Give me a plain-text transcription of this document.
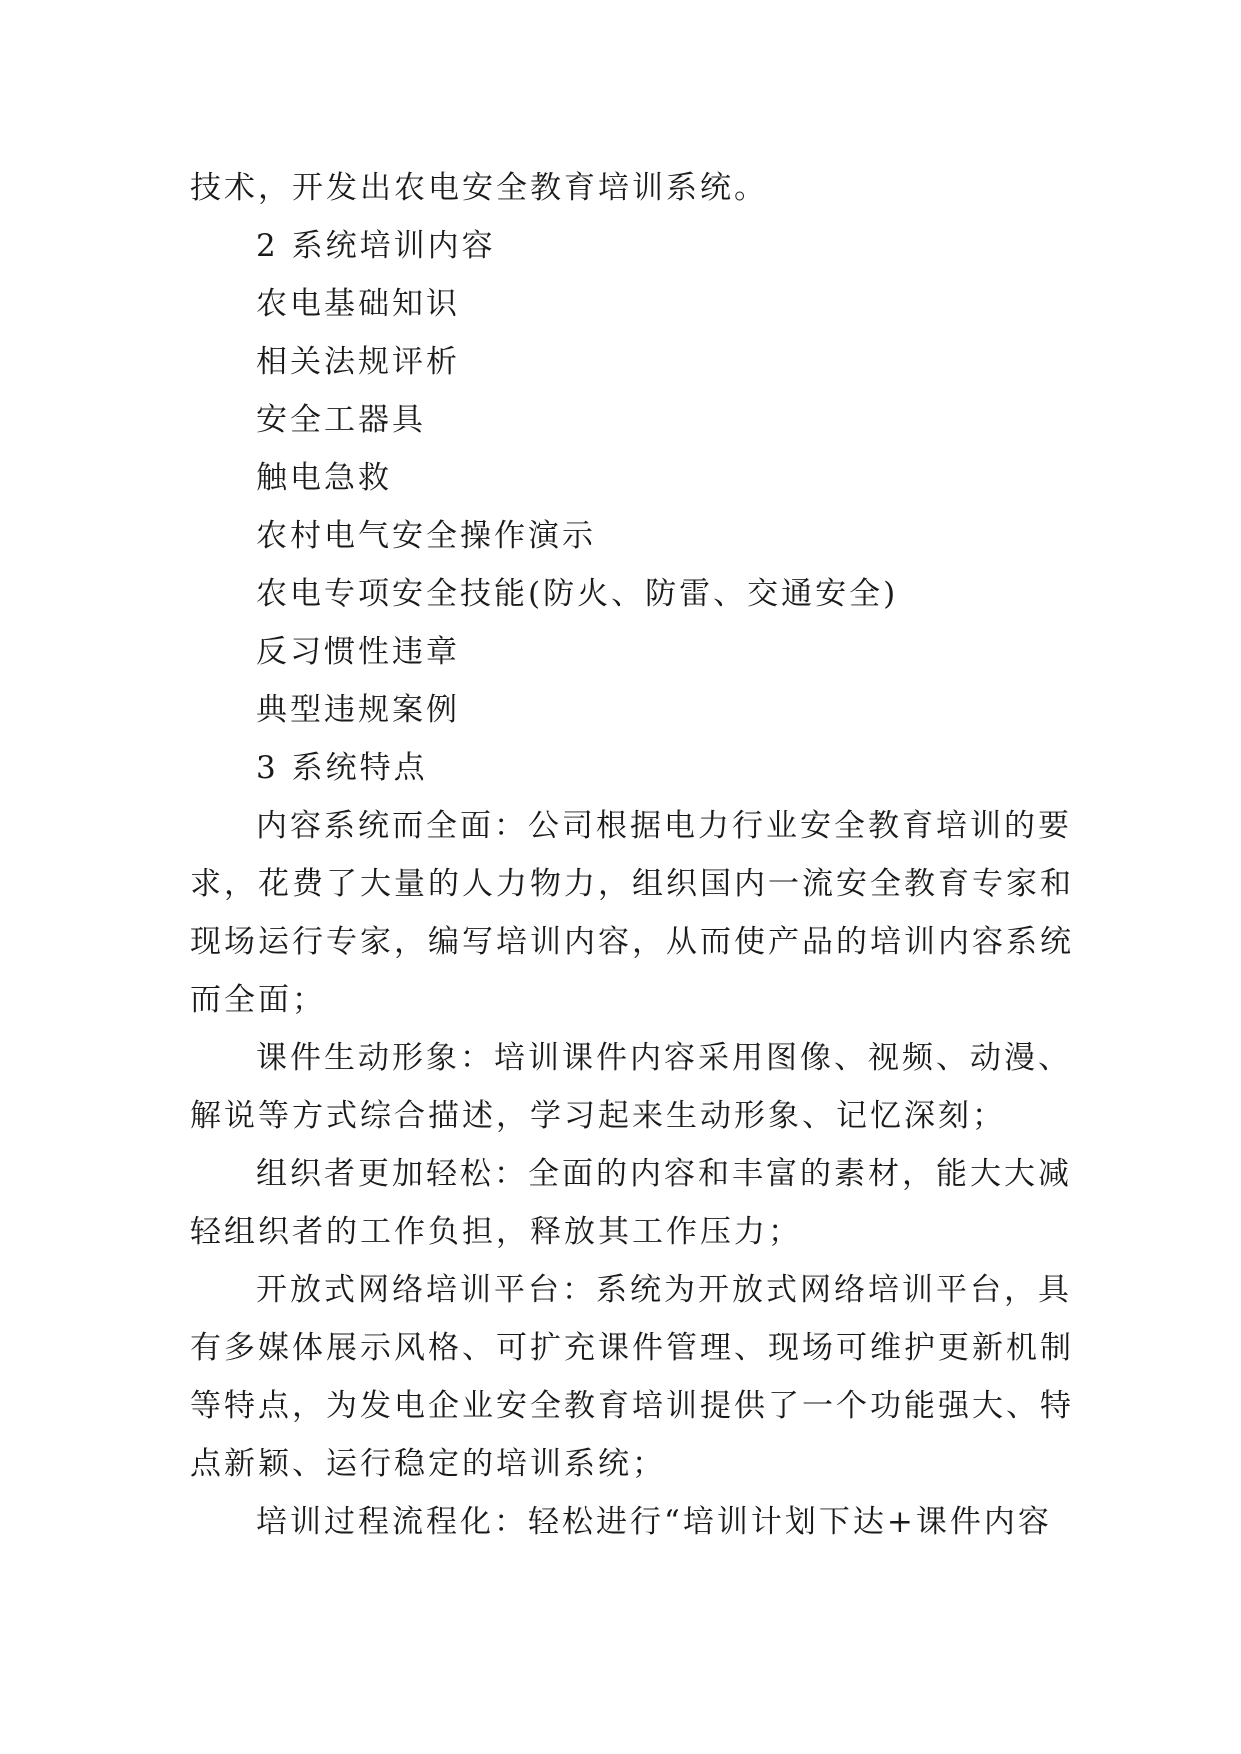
技术，开发出农电安全教育培训系统。
2 系统培训内容
农电基础知识
相关法规评析
安全工器具
触电急救
农村电气安全操作演示
农电专项安全技能(防火、防雷、交通安全)
反习惯性违章
典型违规案例
3 系统特点
内容系统而全面：公司根据电力行业安全教育培训的要
求，花费了大量的人力物力，组织国内一流安全教育专家和
现场运行专家，编写培训内容，从而使产品的培训内容系统
而全面；
课件生动形象：培训课件内容采用图像、视频、动漫、
解说等方式综合描述，学习起来生动形象、记忆深刻；
组织者更加轻松：全面的内容和丰富的素材，能大大减
轻组织者的工作负担，释放其工作压力；
开放式网络培训平台：系统为开放式网络培训平台，具
有多媒体展示风格、可扩充课件管理、现场可维护更新机制
等特点，为发电企业安全教育培训提供了一个功能强大、特
点新颖、运行稳定的培训系统；
培训过程流程化：轻松进行“培训计划下达+课件内容
